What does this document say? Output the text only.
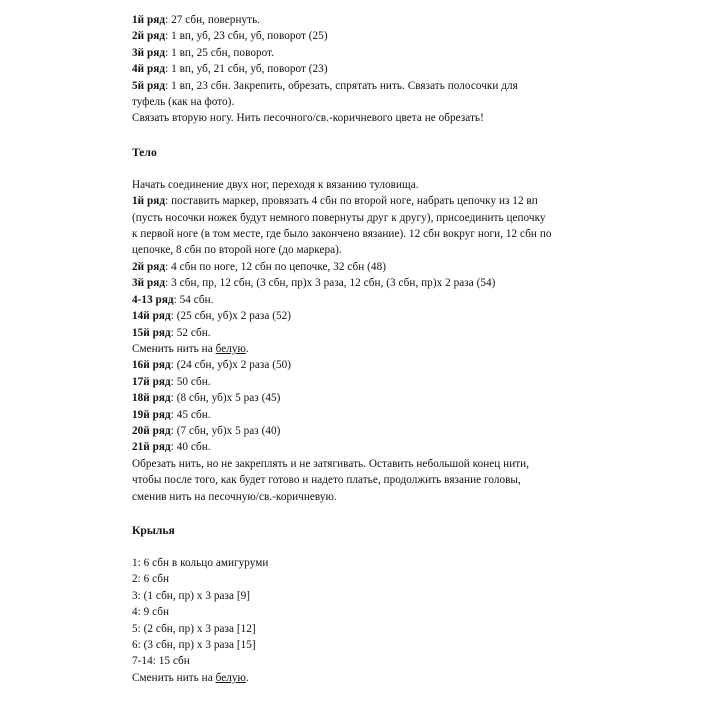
1й ряд: 27 сбн, повернуть.
2й ряд: 1 вп, уб, 23 сбн, уб, поворот (25)
3й ряд: 1 вп, 25 сбн, поворот.
4й ряд: 1 вп, уб, 21 сбн, уб, поворот (23)
5й ряд: 1 вп, 23 сбн. Закрепить, обрезать, спрятать нить. Связать полосочки для
туфель (как на фото).
Связать вторую ногу. Нить песочного/св.-коричневого цвета не обрезать!
Тело
Начать соединение двух ног, переходя к вязанию туловища.
1й ряд: поставить маркер, провязать 4 сбн по второй ноге, набрать цепочку из 12 вп
(пусть носочки ножек будут немного повернуты друг к другу), присоединить цепочку
к первой ноге (в том месте, где было закончено вязание). 12 сбн вокруг ноги, 12 сбн по
цепочке, 8 сбн по второй ноге (до маркера).
2й ряд: 4 сбн по ноге, 12 сбн по цепочке, 32 сбн (48)
3й ряд: 3 сбн, пр, 12 сбн, (3 сбн, пр)х 3 раза, 12 сбн, (3 сбн, пр)х 2 раза (54)
4-13 ряд: 54 сбн.
14й ряд: (25 сбн, уб)х 2 раза (52)
15й ряд: 52 сбн.
Сменить нить на белую.
16й ряд: (24 сбн, уб)х 2 раза (50)
17й ряд: 50 сбн.
18й ряд: (8 сбн, уб)х 5 раз (45)
19й ряд: 45 сбн.
20й ряд: (7 сбн, уб)х 5 раз (40)
21й ряд: 40 сбн.
Обрезать нить, но не закреплять и не затягивать. Оставить небольшой конец нити,
чтобы после того, как будет готово и надето платье, продолжить вязание головы,
сменив нить на песочную/св.-коричневую.
Крылья
1: 6 сбн в кольцо амигуруми
2: 6 сбн
3: (1 сбн, пр) х 3 раза [9]
4: 9 сбн
5: (2 сбн, пр) х 3 раза [12]
6: (3 сбн, пр) х 3 раза [15]
7-14: 15 сбн
Сменить нить на белую.
